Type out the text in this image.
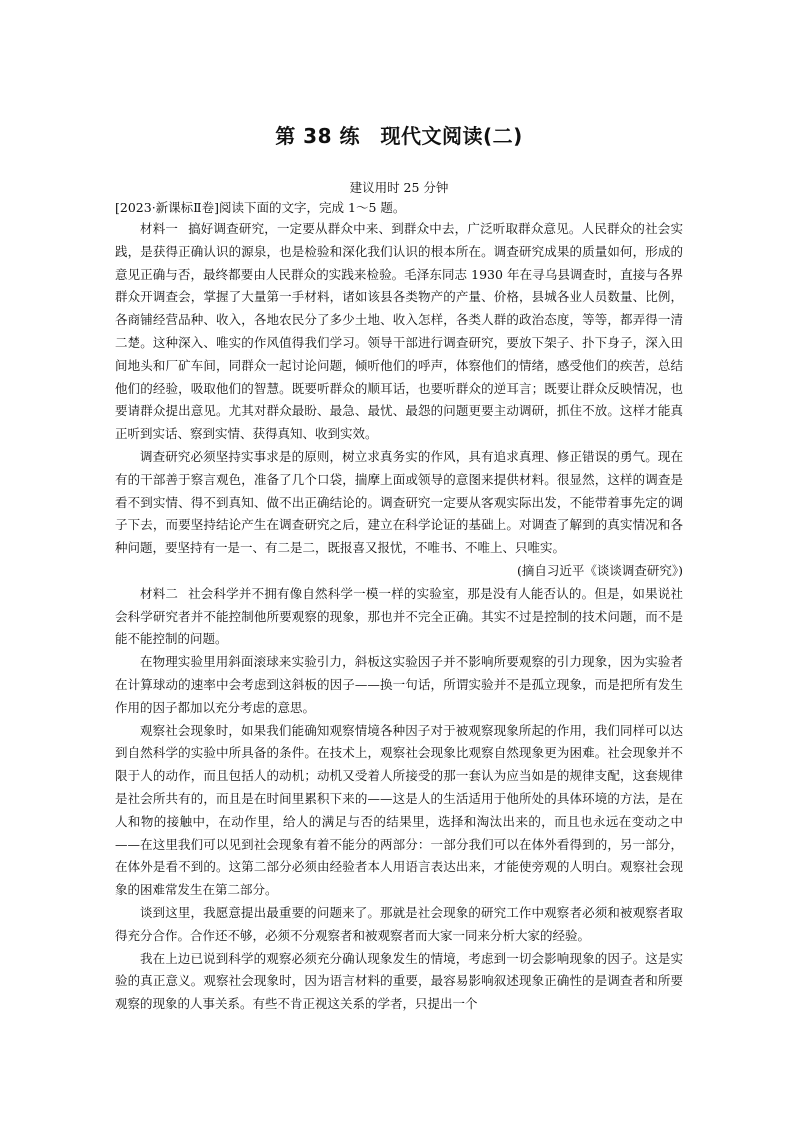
第 38 练　现代文阅读(二)
建议用时 25 分钟

[2023·新课标Ⅱ卷]阅读下面的文字，完成 1～5 题。

材料一 搞好调查研究，一定要从群众中来、到群众中去，广泛听取群众意见。人民群众的社会实践，是获得正确认识的源泉，也是检验和深化我们认识的根本所在。调查研究成果的质量如何，形成的意见正确与否，最终都要由人民群众的实践来检验。毛泽东同志 1930 年在寻乌县调查时，直接与各界群众开调查会，掌握了大量第一手材料，诸如该县各类物产的产量、价格，县城各业人员数量、比例，各商铺经营品种、收入，各地农民分了多少土地、收入怎样，各类人群的政治态度，等等，都弄得一清二楚。这种深入、唯实的作风值得我们学习。领导干部进行调查研究，要放下架子、扑下身子，深入田间地头和厂矿车间，同群众一起讨论问题，倾听他们的呼声，体察他们的情绪，感受他们的疾苦，总结他们的经验，吸取他们的智慧。既要听群众的顺耳话，也要听群众的逆耳言；既要让群众反映情况，也要请群众提出意见。尤其对群众最盼、最急、最忧、最怨的问题更要主动调研，抓住不放。这样才能真正听到实话、察到实情、获得真知、收到实效。

调查研究必须坚持实事求是的原则，树立求真务实的作风，具有追求真理、修正错误的勇气。现在有的干部善于察言观色，准备了几个口袋，揣摩上面或领导的意图来提供材料。很显然，这样的调查是看不到实情、得不到真知、做不出正确结论的。调查研究一定要从客观实际出发，不能带着事先定的调子下去，而要坚持结论产生在调查研究之后，建立在科学论证的基础上。对调查了解到的真实情况和各种问题，要坚持有一是一、有二是二，既报喜又报忧，不唯书、不唯上、只唯实。

(摘自习近平《谈谈调查研究》)

材料二 社会科学并不拥有像自然科学一模一样的实验室，那是没有人能否认的。但是，如果说社会科学研究者并不能控制他所要观察的现象，那也并不完全正确。其实不过是控制的技术问题，而不是能不能控制的问题。

在物理实验里用斜面滚球来实验引力，斜板这实验因子并不影响所要观察的引力现象，因为实验者在计算球动的速率中会考虑到这斜板的因子——换一句话，所谓实验并不是孤立现象，而是把所有发生作用的因子都加以充分考虑的意思。

观察社会现象时，如果我们能确知观察情境各种因子对于被观察现象所起的作用，我们同样可以达到自然科学的实验中所具备的条件。在技术上，观察社会现象比观察自然现象更为困难。社会现象并不限于人的动作，而且包括人的动机；动机又受着人所接受的那一套认为应当如是的规律支配，这套规律是社会所共有的，而且是在时间里累积下来的——这是人的生活适用于他所处的具体环境的方法，是在人和物的接触中，在动作里，给人的满足与否的结果里，选择和淘汰出来的，而且也永远在变动之中——在这里我们可以见到社会现象有着不能分的两部分：一部分我们可以在体外看得到的，另一部分，在体外是看不到的。这第二部分必须由经验者本人用语言表达出来，才能使旁观的人明白。观察社会现象的困难常发生在第二部分。

谈到这里，我愿意提出最重要的问题来了。那就是社会现象的研究工作中观察者必须和被观察者取得充分合作。合作还不够，必须不分观察者和被观察者而大家一同来分析大家的经验。

我在上边已说到科学的观察必须充分确认现象发生的情境，考虑到一切会影响现象的因子。这是实验的真正意义。观察社会现象时，因为语言材料的重要，最容易影响叙述现象正确性的是调查者和所要观察的现象的人事关系。有些不肯正视这关系的学者，只提出一个
